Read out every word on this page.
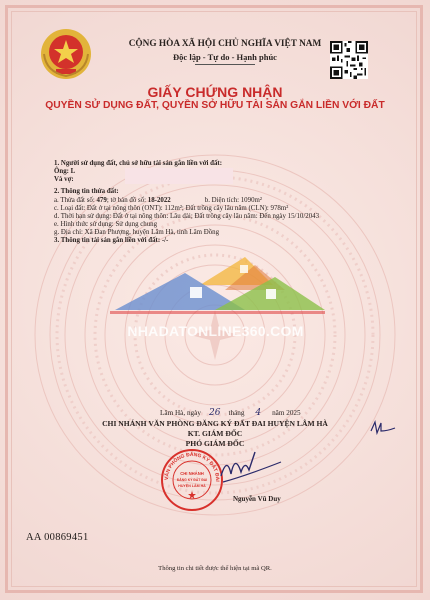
CỘNG HÒA XÃ HỘI CHỦ NGHĨA VIỆT NAM
Độc lập - Tự do - Hạnh phúc
GIẤY CHỨNG NHẬN
QUYỀN SỬ DỤNG ĐẤT, QUYỀN SỞ HỮU TÀI SẢN GẮN LIỀN VỚI ĐẤT
1. Người sử dụng đất, chủ sở hữu tài sản gắn liền với đất:
Ông: L
Và vợ:
2. Thông tin thửa đất:
a. Thửa đất số: 479; tờ bản đồ số: 18-2022	b. Diện tích: 1090m²
c. Loại đất: Đất ở tại nông thôn (ONT): 112m²; Đất trồng cây lâu năm (CLN): 978m²
d. Thời hạn sử dụng: Đất ở tại nông thôn: Lâu dài; Đất trồng cây lâu năm: Đến ngày 15/10/2043
e. Hình thức sử dụng: Sử dụng chung
g. Địa chỉ: Xã Đan Phượng, huyện Lâm Hà, tỉnh Lâm Đồng
3. Thông tin tài sản gắn liền với đất: -/-
NHADATONLINE360.COM
Lâm Hà, ngày 26 tháng 4 năm 2025
CHI NHÁNH VĂN PHÒNG ĐĂNG KÝ ĐẤT ĐAI HUYỆN LÂM HÀ
KT. GIÁM ĐỐC
PHÓ GIÁM ĐỐC
VĂN PHÒNG ĐĂNG KÝ ĐẤT ĐAI
CHI NHÁNH
ĐĂNG KÝ ĐẤT ĐAI
HUYỆN LÂM HÀ
Nguyễn Vũ Duy
AA 00869451
Thông tin chi tiết được thể hiện tại mã QR.
